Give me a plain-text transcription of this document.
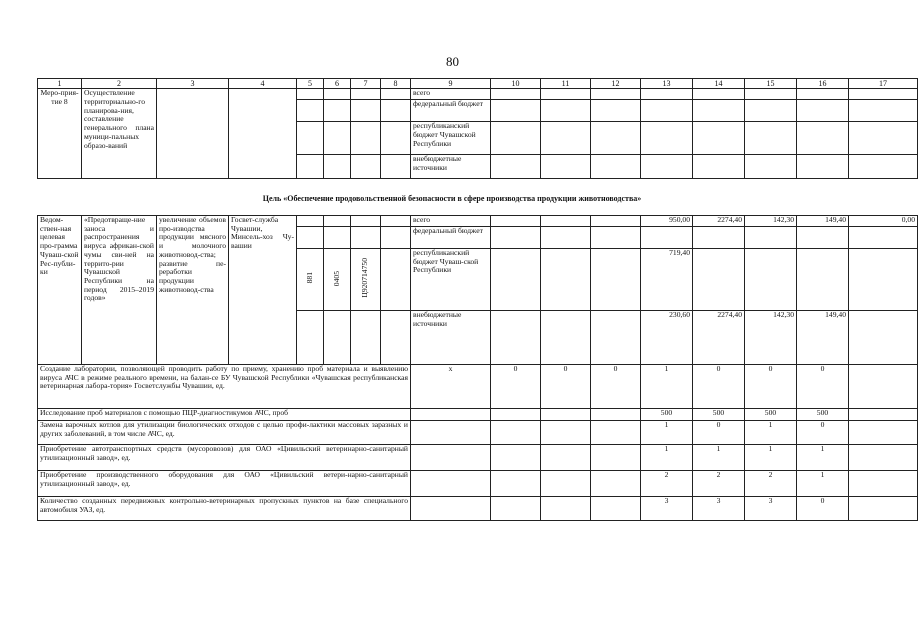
80
1	2	3	4	5	6	7	8	9	10	11	12	13	14	15	16	17
Меро-прия-тие 8	Осуществление территориально-го планирова-ния, составление генерального плана муници-пальных образо-ваний							всего								
								федеральный бюджет								
								республиканский бюджет Чувашской Республики								
								внебюджетные источники								
Цель «Обеспечение продовольственной безопасности в сфере производства продукции животноводства»
Ведом-ствен-ная целевая про-грамма Чуваш-ской Рес-публи-ки	«Предотвраще-ние заноса и распространения вируса африкан-ской чумы сви-ней на террито-рии Чувашской Республики на период 2015–2019 годов»	увеличение объемов про-изводства продукции мясного и молочного животновод-ства; развитие пе-реработки продукции животновод-ства	Госвет-служба Чувашии, Минсель-хоз Чу-вашии					всего				950,00	2274,40	142,30	149,40	0,00
								федеральный бюджет								
				881	0405	Ц920714750		республиканский бюджет Чуваш-ской Республики				719,40				
								внебюджетные источники				230,60	2274,40	142,30	149,40	
Создание лаборатории, позволяющей проводить работу по приему, хранению проб материала и выявлению вируса АЧС в режиме реального времени, на балан-се БУ Чувашской Республики «Чувашская республиканская ветеринарная лабора-тория» Госветслужбы Чувашии, ед.								х	0	0	0	1	0	0	0	
Исследование проб материалов с помощью ПЦР-диагностикумов АЧС, проб												500	500	500	500	
Замена варочных котлов для утилизации биологических отходов с целью профи-лактики массовых заразных и других заболеваний, в том числе АЧС, ед.												1	0	1	0	
Приобретение автотранспортных средств (мусоровозов) для ОАО «Цивильский ветеринарно-санитарный утилизационный завод», ед.												1	1	1	1	
Приобретение производственного оборудования для ОАО «Цивильский ветери-нарно-санитарный утилизационный завод», ед.												2	2	2	1	
Количество созданных передвижных контрольно-ветеринарных пропускных пунктов на базе специального автомобиля УАЗ, ед.												3	3	3	0	
